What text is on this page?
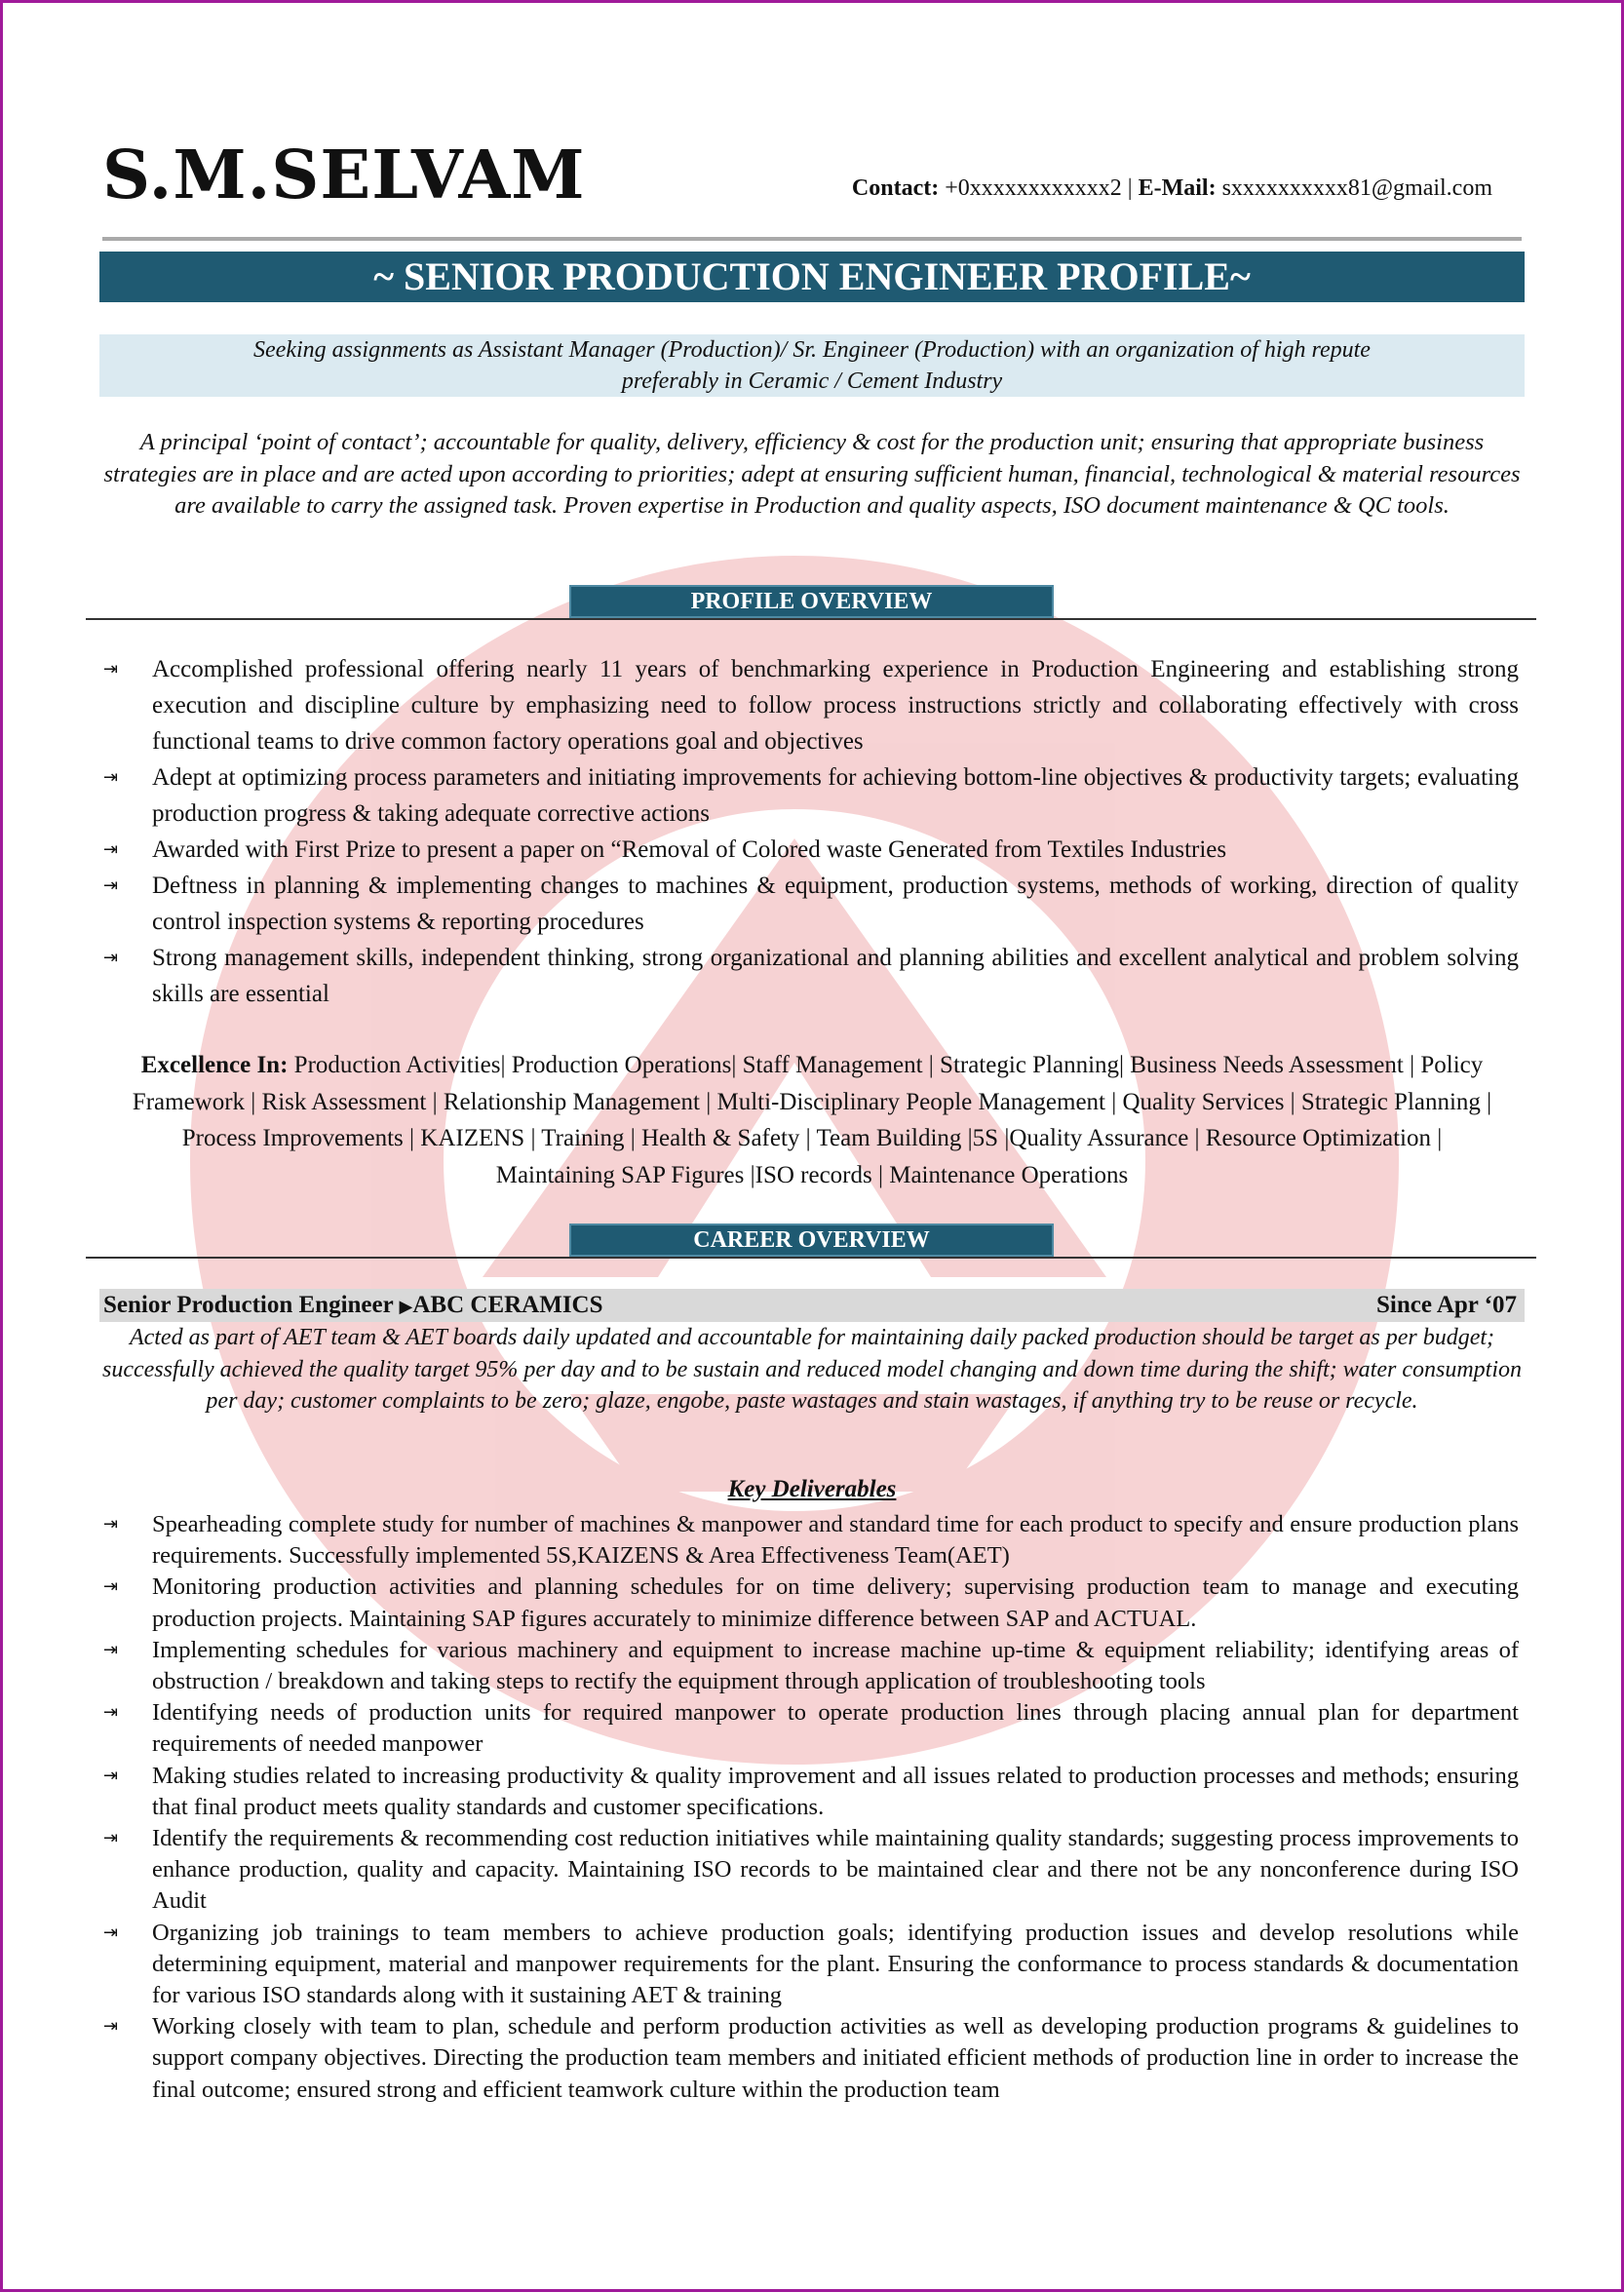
S.M.SELVAM	Contact: +0xxxxxxxxxxxx2 | E-Mail: sxxxxxxxxxx81@gmail.com
~ SENIOR PRODUCTION ENGINEER PROFILE~
Seeking assignments as Assistant Manager (Production)/ Sr. Engineer (Production) with an organization of high repute
preferably in Ceramic / Cement Industry
A principal ‘point of contact’; accountable for quality, delivery, efficiency & cost for the production unit; ensuring that appropriate business strategies are in place and are acted upon according to priorities; adept at ensuring sufficient human, financial, technological & material resources are available to carry the assigned task. Proven expertise in Production and quality aspects, ISO document maintenance & QC tools.
PROFILE OVERVIEW
⇥ Accomplished professional offering nearly 11 years of benchmarking experience in Production Engineering and establishing strong execution and discipline culture by emphasizing need to follow process instructions strictly and collaborating effectively with cross functional teams to drive common factory operations goal and objectives
⇥ Adept at optimizing process parameters and initiating improvements for achieving bottom-line objectives & productivity targets; evaluating production progress & taking adequate corrective actions
⇥ Awarded with First Prize to present a paper on “Removal of Colored waste Generated from Textiles Industries
⇥ Deftness in planning & implementing changes to machines & equipment, production systems, methods of working, direction of quality control inspection systems & reporting procedures
⇥ Strong management skills, independent thinking, strong organizational and planning abilities and excellent analytical and problem solving skills are essential
Excellence In: Production Activities| Production Operations| Staff Management | Strategic Planning| Business Needs Assessment | Policy Framework | Risk Assessment | Relationship Management | Multi-Disciplinary People Management | Quality Services | Strategic Planning | Process Improvements | KAIZENS | Training | Health & Safety | Team Building |5S |Quality Assurance | Resource Optimization | Maintaining SAP Figures |ISO records | Maintenance Operations
CAREER OVERVIEW
Senior Production Engineer ▶ABC CERAMICS	Since Apr ‘07
Acted as part of AET team & AET boards daily updated and accountable for maintaining daily packed production should be target as per budget; successfully achieved the quality target 95% per day and to be sustain and reduced model changing and down time during the shift; water consumption per day; customer complaints to be zero; glaze, engobe, paste wastages and stain wastages, if anything try to be reuse or recycle.
Key Deliverables
⇥ Spearheading complete study for number of machines & manpower and standard time for each product to specify and ensure production plans requirements. Successfully implemented 5S,KAIZENS & Area Effectiveness Team(AET)
⇥ Monitoring production activities and planning schedules for on time delivery; supervising production team to manage and executing production projects. Maintaining SAP figures accurately to minimize difference between SAP and ACTUAL.
⇥ Implementing schedules for various machinery and equipment to increase machine up-time & equipment reliability; identifying areas of obstruction / breakdown and taking steps to rectify the equipment through application of troubleshooting tools
⇥ Identifying needs of production units for required manpower to operate production lines through placing annual plan for department requirements of needed manpower
⇥ Making studies related to increasing productivity & quality improvement and all issues related to production processes and methods; ensuring that final product meets quality standards and customer specifications.
⇥ Identify the requirements & recommending cost reduction initiatives while maintaining quality standards; suggesting process improvements to enhance production, quality and capacity. Maintaining ISO records to be maintained clear and there not be any nonconference during ISO Audit
⇥ Organizing job trainings to team members to achieve production goals; identifying production issues and develop resolutions while determining equipment, material and manpower requirements for the plant. Ensuring the conformance to process standards & documentation for various ISO standards along with it sustaining AET & training
⇥ Working closely with team to plan, schedule and perform production activities as well as developing production programs & guidelines to support company objectives. Directing the production team members and initiated efficient methods of production line in order to increase the final outcome; ensured strong and efficient teamwork culture within the production team
